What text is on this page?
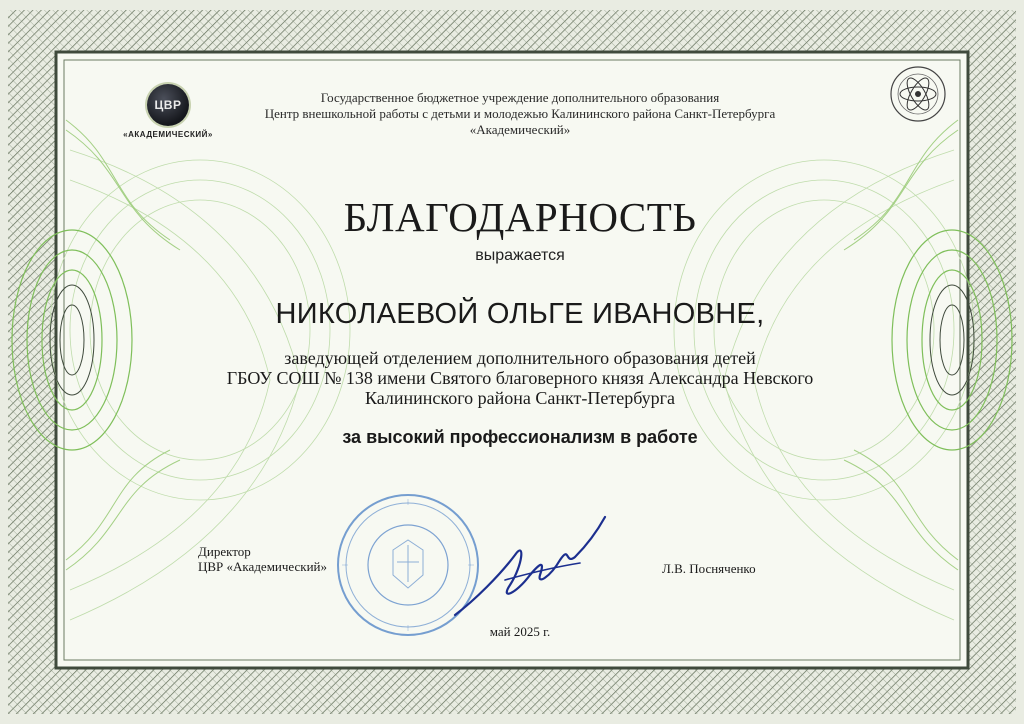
ЦВР
«АКАДЕМИЧЕСКИЙ»
Государственное бюджетное учреждение дополнительного образования
Центр внешкольной работы с детьми и молодежью Калининского района Санкт-Петербурга
«Академический»
БЛАГОДАРНОСТЬ
выражается
НИКОЛАЕВОЙ ОЛЬГЕ ИВАНОВНЕ,
заведующей отделением дополнительного образования детей
ГБОУ СОШ № 138 имени Святого благоверного князя Александра Невского
Калининского района Санкт-Петербурга
за высокий профессионализм в работе
Директор
ЦВР «Академический»	Л.В. Посняченко
май 2025 г.
